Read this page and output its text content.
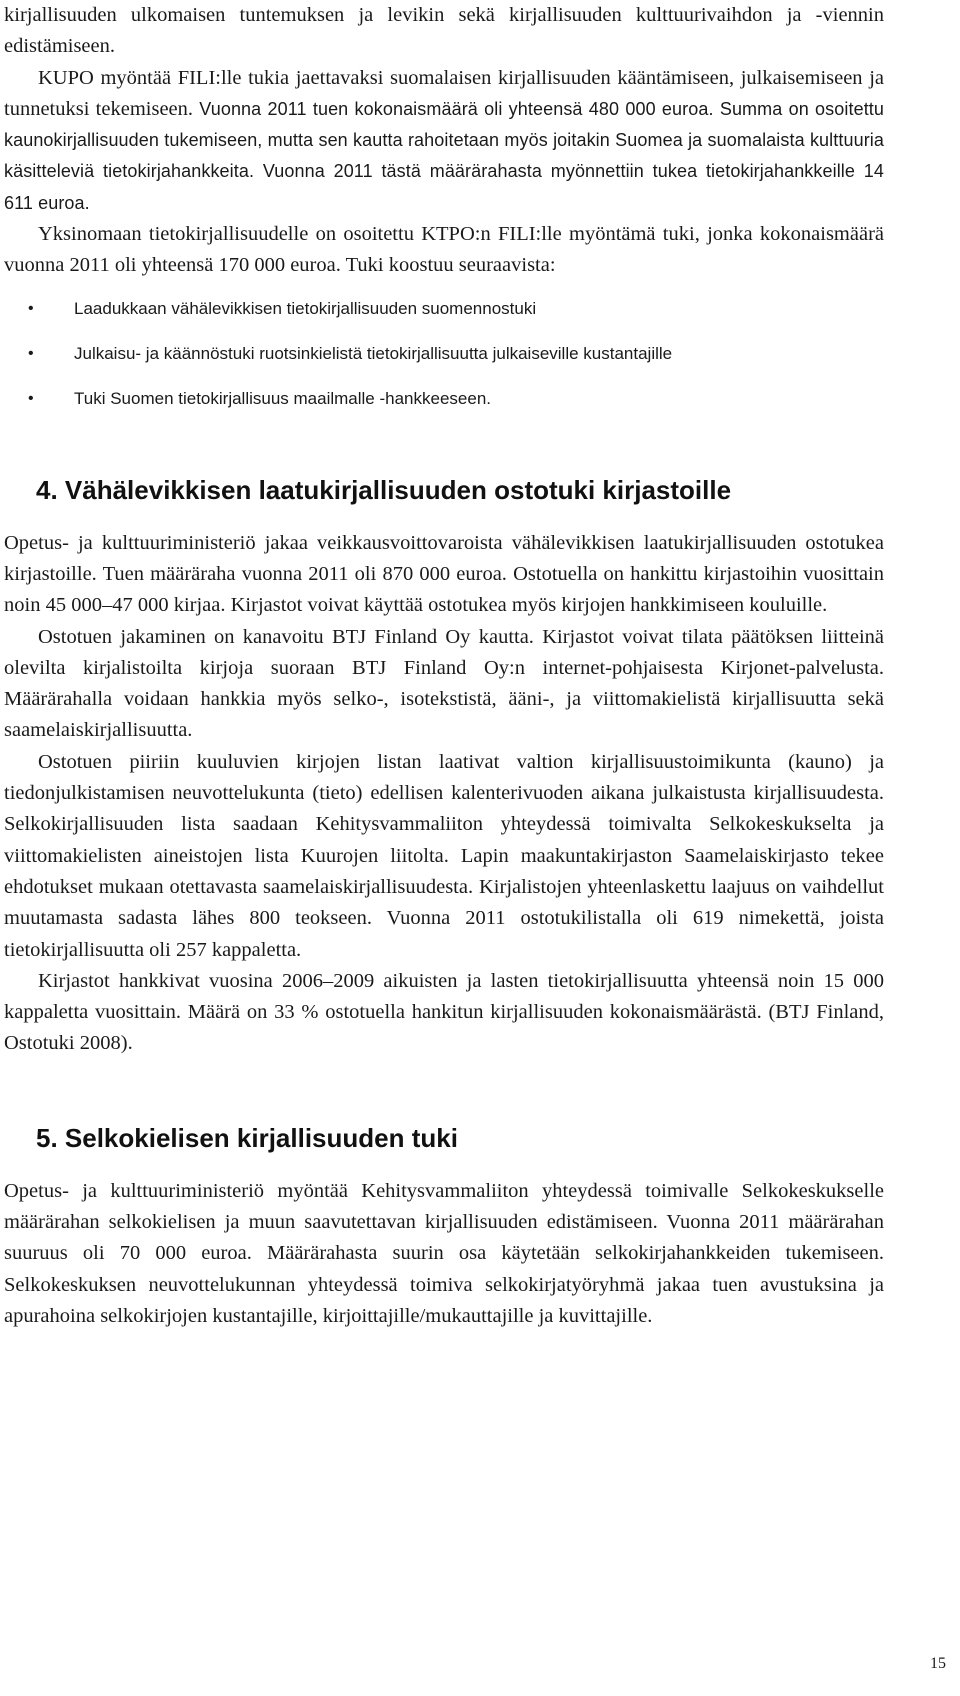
kirjallisuuden ulkomaisen tuntemuksen ja levikin sekä kirjallisuuden kulttuurivaihdon ja -viennin edistämiseen.

KUPO myöntää FILI:lle tukia jaettavaksi suomalaisen kirjallisuuden kääntämiseen, julkaisemiseen ja tunnetuksi tekemiseen. Vuonna 2011 tuen kokonaismäärä oli yhteensä 480 000 euroa. Summa on osoitettu kaunokirjallisuuden tukemiseen, mutta sen kautta rahoitetaan myös joitakin Suomea ja suomalaista kulttuuria käsitteleviä tietokirjahankkeita. Vuonna 2011 tästä määrärahasta myönnettiin tukea tietokirjahankkeille 14 611 euroa.

Yksinomaan tietokirjallisuudelle on osoitettu KTPO:n FILI:lle myöntämä tuki, jonka kokonaismäärä vuonna 2011 oli yhteensä 170 000 euroa. Tuki koostuu seuraavista:

• Laadukkaan vähälevikkisen tietokirjallisuuden suomennostuki
• Julkaisu- ja käännöstuki ruotsinkielistä tietokirjallisuutta julkaiseville kustantajille
• Tuki Suomen tietokirjallisuus maailmalle -hankkeeseen.
4. Vähälevikkisen laatukirjallisuuden ostotuki kirjastoille

Opetus- ja kulttuuriministeriö jakaa veikkausvoittovaroista vähälevikkisen laatukirjallisuuden ostotukea kirjastoille. Tuen määräraha vuonna 2011 oli 870 000 euroa. Ostotuella on hankittu kirjastoihin vuosittain noin 45 000–47 000 kirjaa. Kirjastot voivat käyttää ostotukea myös kirjojen hankkimiseen kouluille.

Ostotuen jakaminen on kanavoitu BTJ Finland Oy kautta. Kirjastot voivat tilata päätöksen liitteinä olevilta kirjalistoilta kirjoja suoraan BTJ Finland Oy:n internet-pohjaisesta Kirjonet-palvelusta. Määrärahalla voidaan hankkia myös selko-, isotekstistä, ääni-, ja viittomakielistä kirjallisuutta sekä saamelaiskirjallisuutta.

Ostotuen piiriin kuuluvien kirjojen listan laativat valtion kirjallisuustoimikunta (kauno) ja tiedonjulkistamisen neuvottelukunta (tieto) edellisen kalenterivuoden aikana julkaistusta kirjallisuudesta. Selkokirjallisuuden lista saadaan Kehitysvammaliiton yhteydessä toimivalta Selkokeskukselta ja viittomakielisten aineistojen lista Kuurojen liitolta. Lapin maakuntakirjaston Saamelaiskirjasto tekee ehdotukset mukaan otettavasta saamelaiskirjallisuudesta. Kirjalistojen yhteenlaskettu laajuus on vaihdellut muutamasta sadasta lähes 800 teokseen. Vuonna 2011 ostotukilistalla oli 619 nimekettä, joista tietokirjallisuutta oli 257 kappaletta.

Kirjastot hankkivat vuosina 2006–2009 aikuisten ja lasten tietokirjallisuutta yhteensä noin 15 000 kappaletta vuosittain. Määrä on 33 % ostotuella hankitun kirjallisuuden kokonaismäärästä. (BTJ Finland, Ostotuki 2008).

5. Selkokielisen kirjallisuuden tuki

Opetus- ja kulttuuriministeriö myöntää Kehitysvammaliiton yhteydessä toimivalle Selkokeskukselle määrärahan selkokielisen ja muun saavutettavan kirjallisuuden edistämiseen. Vuonna 2011 määrärahan suuruus oli 70 000 euroa. Määrärahasta suurin osa käytetään selkokirjahankkeiden tukemiseen. Selkokeskuksen neuvottelukunnan yhteydessä toimiva selkokirjatyöryhmä jakaa tuen avustuksina ja apurahoina selkokirjojen kustantajille, kirjoittajille/mukauttajille ja kuvittajille.

15
